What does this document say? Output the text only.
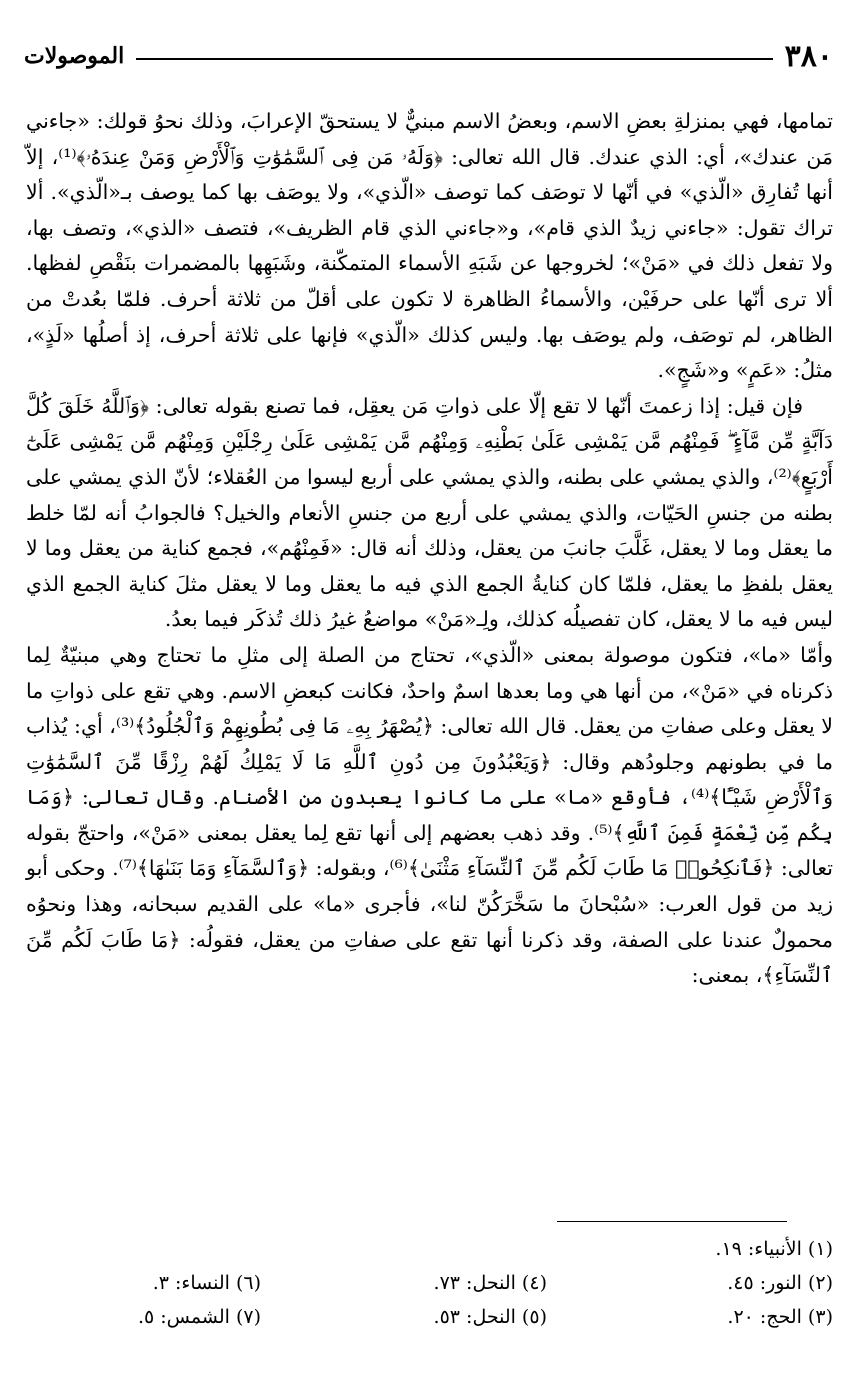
٣٨٠
الموصولات

تمامها، فهي بمنزلةِ بعضِ الاسم، وبعضُ الاسم مبنيٌّ لا يستحقّ الإعرابَ، وذلك نحوُ قولك: «جاءني مَن عندك»، أي: الذي عندك. قال الله تعالى: ﴿وَلَهُۥ مَن فِى ٱلسَّمَٰوَٰتِ وَٱلْأَرْضِ وَمَنْ عِندَهُۥ﴾⁽¹⁾، إلاّ أنها تُفارِق «الّذي» في أنّها لا توصَف كما توصف «الّذي»، ولا يوصَف بها كما يوصف بـ«الّذي». ألا تراك تقول: «جاءني زيدٌ الذي قام»، و«جاءني الذي قام الظريف»، فتصف «الذي»، وتصف بها، ولا تفعل ذلك في «مَنْ»؛ لخروجها عن شَبَهِ الأسماء المتمكّنة، وشَبَهِها بالمضمرات بنَقْصِ لفظها. ألا ترى أنّها على حرفَيْن، والأسماءُ الظاهرة لا تكون على أقلّ من ثلاثة أحرف. فلمّا بعُدتْ من الظاهر، لم توصَف، ولم يوصَف بها. وليس كذلك «الّذي» فإنها على ثلاثة أحرف، إذ أصلُها «لَذٍ»، مثلُ: «عَمٍ» و«شَجٍ».

فإن قيل: إذا زعمتَ أنّها لا تقع إلّا على ذواتِ مَن يعقِل، فما تصنع بقوله تعالى: ﴿وَٱللَّهُ خَلَقَ كُلَّ دَآبَّةٍ مِّن مَّآءٍ ۖ فَمِنْهُم مَّن يَمْشِى عَلَىٰ بَطْنِهِۦ وَمِنْهُم مَّن يَمْشِى عَلَىٰ رِجْلَيْنِ وَمِنْهُم مَّن يَمْشِى عَلَىٰٓ أَرْبَعٍ﴾⁽²⁾، والذي يمشي على بطنه، والذي يمشي على أربع ليسوا من العُقلاء؛ لأنّ الذي يمشي على بطنه من جنسِ الحَيّات، والذي يمشي على أربع من جنسِ الأنعام والخيل؟ فالجوابُ أنه لمّا خلط ما يعقل وما لا يعقل، غَلَّبَ جانبَ من يعقل، وذلك أنه قال: «فَمِنْهُم»، فجمع كناية من يعقل وما لا يعقل بلفظِ ما يعقل، فلمّا كان كنايةُ الجمع الذي فيه ما يعقل وما لا يعقل مثلَ كناية الجمع الذي ليس فيه ما لا يعقل، كان تفصيلُه كذلك، ولِـ«مَنْ» مواضعُ غيرُ ذلك تُذكَر فيما بعدُ.

وأمّا «ما»، فتكون موصولة بمعنى «الّذي»، تحتاج من الصلة إلى مثلِ ما تحتاج وهي مبنيّةٌ لِما ذكرناه في «مَنْ»، من أنها هي وما بعدها اسمٌ واحدٌ، فكانت كبعضِ الاسم. وهي تقع على ذواتِ ما لا يعقل وعلى صفاتِ من يعقل. قال الله تعالى: ﴿يُصْهَرُ بِهِۦ مَا فِى بُطُونِهِمْ وَٱلْجُلُودُ﴾⁽³⁾، أي: يُذاب ما في بطونهم وجلودُهم وقال: ﴿وَيَعْبُدُونَ مِن دُونِ ٱللَّهِ مَا لَا يَمْلِكُ لَهُمْ رِزْقًا مِّنَ ٱلسَّمَٰوَٰتِ وَٱلْأَرْضِ شَيْـًٔا﴾⁽⁴⁾، فأوقع «ما» على ما كانوا يعبدون من الأصنام. وقال تعالى: ﴿وَمَا بِكُم مِّن نِّعْمَةٍ فَمِنَ ٱللَّهِ﴾⁽⁵⁾. وقد ذهب بعضهم إلى أنها تقع لِما يعقل بمعنى «مَنْ»، واحتجّ بقوله تعالى: ﴿فَٱنكِحُوا۟ مَا طَابَ لَكُم مِّنَ ٱلنِّسَآءِ مَثْنَىٰ﴾⁽⁶⁾، وبقوله: ﴿وَٱلسَّمَآءِ وَمَا بَنَىٰهَا﴾⁽⁷⁾. وحكى أبو زيد من قول العرب: «سُبْحانَ ما سَخَّرَكُنّ لنا»، فأجرى «ما» على القديم سبحانه، وهذا ونحوُه محمولٌ عندنا على الصفة، وقد ذكرنا أنها تقع على صفاتِ من يعقل، فقولُه: ﴿مَا طَابَ لَكُم مِّنَ ٱلنِّسَآءِ﴾، بمعنى:

(١) الأنبياء: ١٩.
(٢) النور: ٤٥.
(٣) الحج: ٢٠.
(٤) النحل: ٧٣.
(٥) النحل: ٥٣.
(٦) النساء: ٣.
(٧) الشمس: ٥.
